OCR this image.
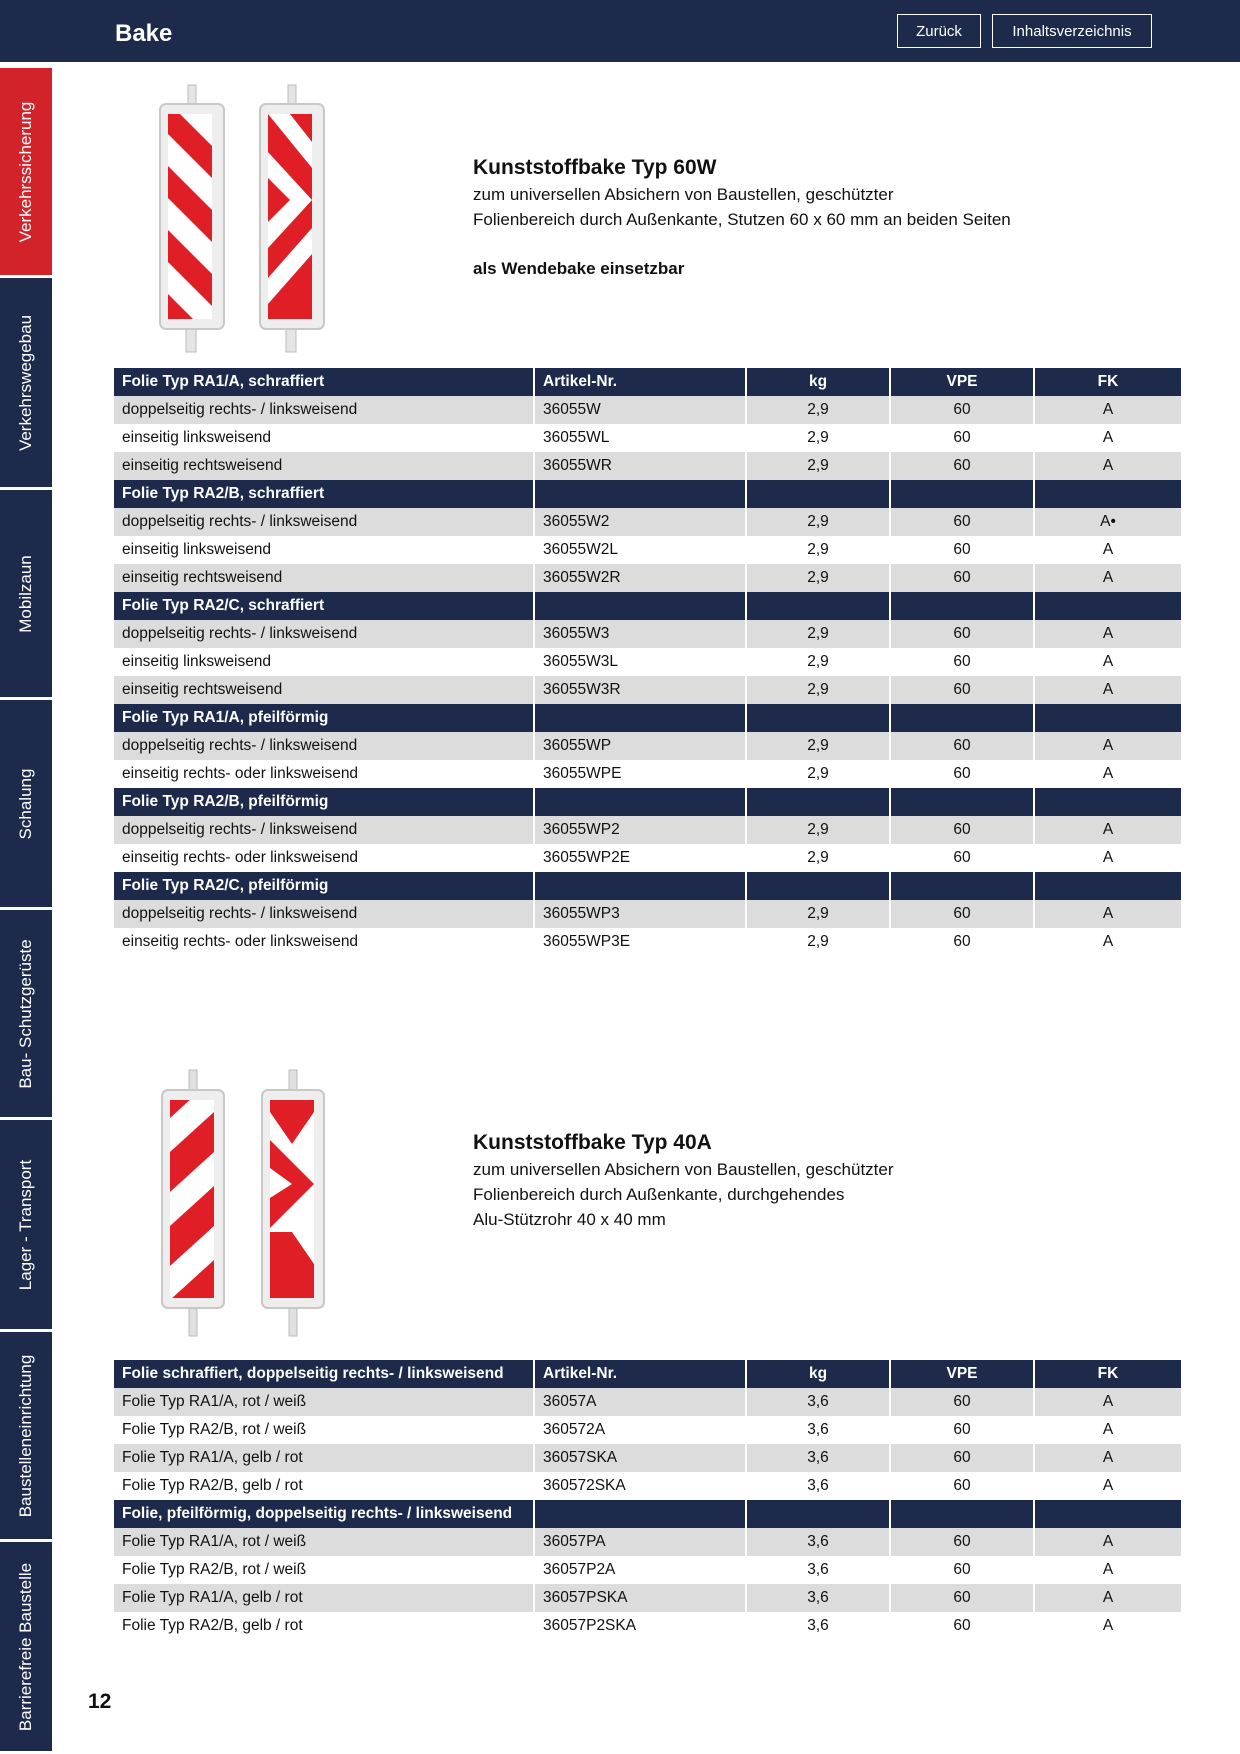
Bake	Zurück	Inhaltsverzeichnis
Verkehrssicherung
Verkehrswegebau
Mobilzaun
Schalung
Bau- Schutzgerüste
Lager - Transport
Baustelleneinrichtung
Barrierefreie Baustelle
Kunststoffbake Typ 60W
zum universellen Absichern von Baustellen, geschützter
Folienbereich durch Außenkante, Stutzen 60 x 60 mm an beiden Seiten
als Wendebake einsetzbar
Folie Typ RA1/A, schraffiert	Artikel-Nr.	kg	VPE	FK
doppelseitig rechts- / linksweisend	36055W	2,9	60	A
einseitig linksweisend	36055WL	2,9	60	A
einseitig rechtsweisend	36055WR	2,9	60	A
Folie Typ RA2/B, schraffiert				
doppelseitig rechts- / linksweisend	36055W2	2,9	60	A•
einseitig linksweisend	36055W2L	2,9	60	A
einseitig rechtsweisend	36055W2R	2,9	60	A
Folie Typ RA2/C, schraffiert				
doppelseitig rechts- / linksweisend	36055W3	2,9	60	A
einseitig linksweisend	36055W3L	2,9	60	A
einseitig rechtsweisend	36055W3R	2,9	60	A
Folie Typ RA1/A, pfeilförmig				
doppelseitig rechts- / linksweisend	36055WP	2,9	60	A
einseitig rechts- oder linksweisend	36055WPE	2,9	60	A
Folie Typ RA2/B, pfeilförmig				
doppelseitig rechts- / linksweisend	36055WP2	2,9	60	A
einseitig rechts- oder linksweisend	36055WP2E	2,9	60	A
Folie Typ RA2/C, pfeilförmig				
doppelseitig rechts- / linksweisend	36055WP3	2,9	60	A
einseitig rechts- oder linksweisend	36055WP3E	2,9	60	A
Kunststoffbake Typ 40A
zum universellen Absichern von Baustellen, geschützter
Folienbereich durch Außenkante, durchgehendes
Alu-Stützrohr 40 x 40 mm
Folie schraffiert, doppelseitig rechts- / linksweisend	Artikel-Nr.	kg	VPE	FK
Folie Typ RA1/A, rot / weiß	36057A	3,6	60	A
Folie Typ RA2/B, rot / weiß	360572A	3,6	60	A
Folie Typ RA1/A, gelb / rot	36057SKA	3,6	60	A
Folie Typ RA2/B, gelb / rot	360572SKA	3,6	60	A
Folie, pfeilförmig, doppelseitig rechts- / linksweisend				
Folie Typ RA1/A, rot / weiß	36057PA	3,6	60	A
Folie Typ RA2/B, rot / weiß	36057P2A	3,6	60	A
Folie Typ RA1/A, gelb / rot	36057PSKA	3,6	60	A
Folie Typ RA2/B, gelb / rot	36057P2SKA	3,6	60	A
12
